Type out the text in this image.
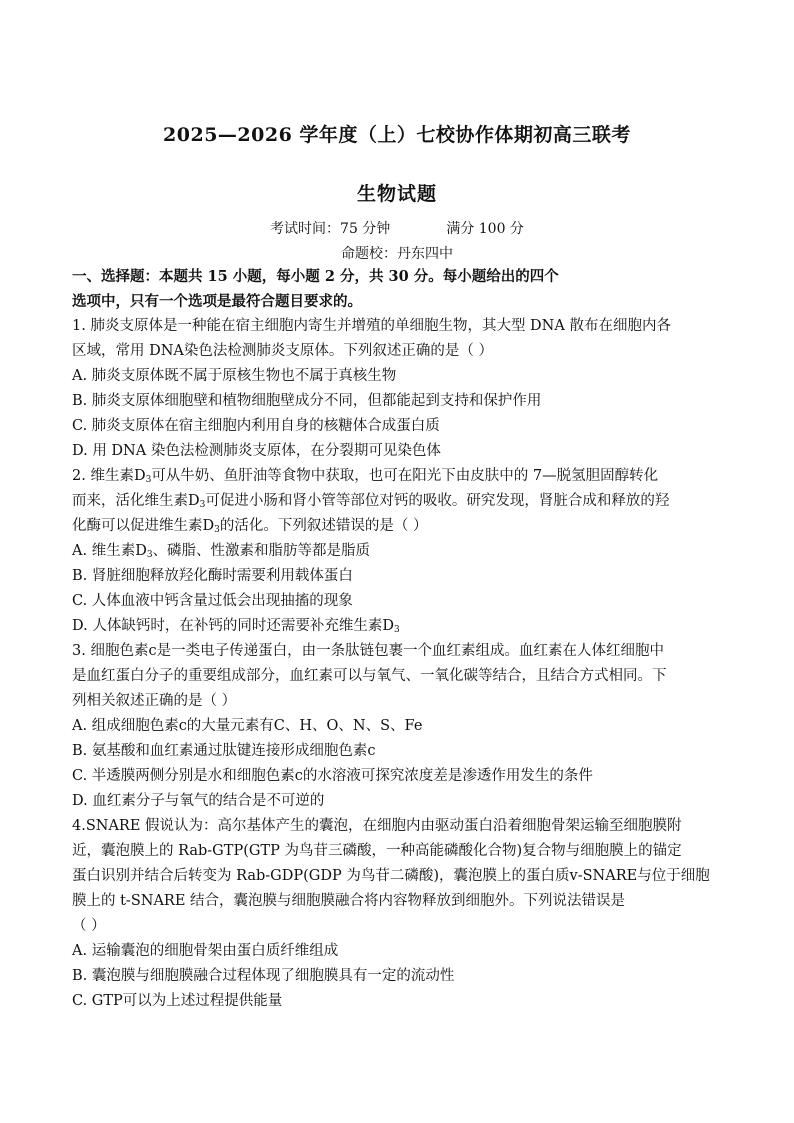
2025—2026 学年度（上）七校协作体期初高三联考
生物试题
考试时间：75 分钟	满分 100 分
命题校：丹东四中
一、选择题：本题共 15 小题，每小题 2 分，共 30 分。每小题给出的四个
选项中，只有一个选项是最符合题目要求的。
1. 肺炎支原体是一种能在宿主细胞内寄生并增殖的单细胞生物，其大型 DNA 散布在细胞内各
区域，常用 DNA染色法检测肺炎支原体。下列叙述正确的是（ ）
A. 肺炎支原体既不属于原核生物也不属于真核生物
B. 肺炎支原体细胞壁和植物细胞壁成分不同，但都能起到支持和保护作用
C. 肺炎支原体在宿主细胞内利用自身的核糖体合成蛋白质
D. 用 DNA 染色法检测肺炎支原体，在分裂期可见染色体
2. 维生素$D_3$可从牛奶、鱼肝油等食物中获取，也可在阳光下由皮肤中的 7—脱氢胆固醇转化
而来，活化维生素$D_3$可促进小肠和肾小管等部位对钙的吸收。研究发现，肾脏合成和释放的羟
化酶可以促进维生素$D_3$的活化。下列叙述错误的是（ ）
A. 维生素$D_3$、磷脂、性激素和脂肪等都是脂质
B. 肾脏细胞释放羟化酶时需要利用载体蛋白
C. 人体血液中钙含量过低会出现抽搐的现象
D. 人体缺钙时，在补钙的同时还需要补充维生素$D_3$
3. 细胞色素c是一类电子传递蛋白，由一条肽链包裹一个血红素组成。血红素在人体红细胞中
是血红蛋白分子的重要组成部分，血红素可以与氧气、一氧化碳等结合，且结合方式相同。下
列相关叙述正确的是（ ）
A. 组成细胞色素c的大量元素有C、H、O、N、S、Fe
B. 氨基酸和血红素通过肽键连接形成细胞色素c
C. 半透膜两侧分别是水和细胞色素c的水溶液可探究浓度差是渗透作用发生的条件
D. 血红素分子与氧气的结合是不可逆的
4.SNARE 假说认为：高尔基体产生的囊泡，在细胞内由驱动蛋白沿着细胞骨架运输至细胞膜附
近，囊泡膜上的 Rab-GTP(GTP 为鸟苷三磷酸，一种高能磷酸化合物)复合物与细胞膜上的锚定
蛋白识别并结合后转变为 Rab-GDP(GDP 为鸟苷二磷酸)，囊泡膜上的蛋白质v-SNARE与位于细胞
膜上的 t-SNARE 结合，囊泡膜与细胞膜融合将内容物释放到细胞外。下列说法错误是
（ ）
A. 运输囊泡的细胞骨架由蛋白质纤维组成
B. 囊泡膜与细胞膜融合过程体现了细胞膜具有一定的流动性
C. GTP可以为上述过程提供能量
